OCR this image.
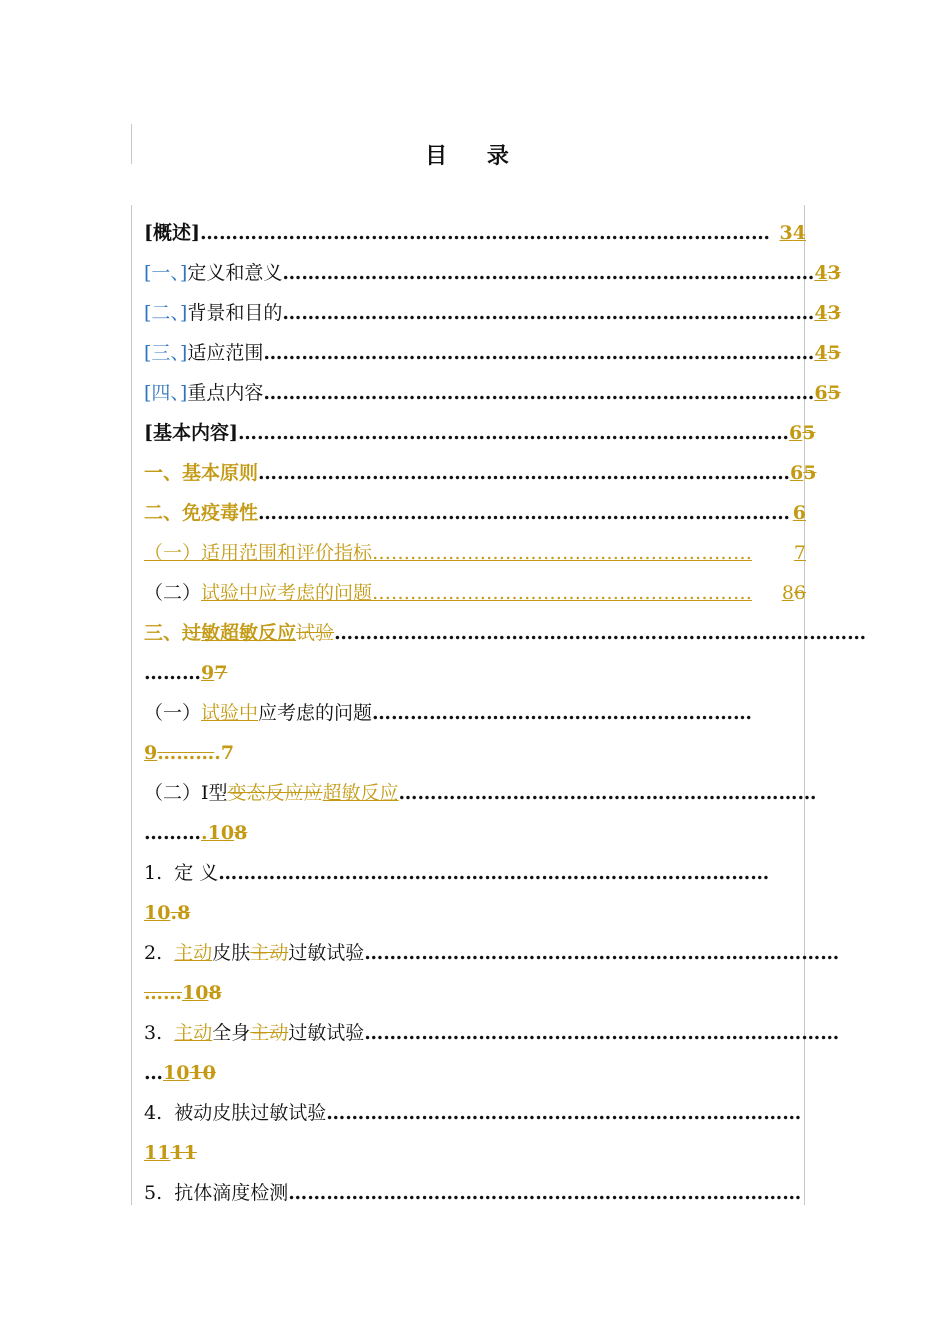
目 录
[概述] ……………………………………………………………………………… 34
[一、]定义和意义 ………………………………………………………………………… 43
[二、]背景和目的 ………………………………………………………………………… 43
[三、]适应范围 …………………………………………………………………………… 45
[四、]重点内容 …………………………………………………………………………… 65
[基本内容] …………………………………………………………………………… 65
一、基本原则 ………………………………………………………………………… 65
二、免疫毒性 ………………………………………………………………………… 6
（一）适用范围和评价指标 ……………………………………………………	7
（二）试验中应考虑的问题 ……………………………………………………	86
三、过敏超敏反应试验 …………………………………………………………………………
………97
（一）试验中应考虑的问题 ……………………………………………………
9……….7
（二）Ⅰ型变态反应应超敏反应 …………………………………………………………
……….108
1. 定 义 ……………………………………………………………………………
10.8
2. 主动皮肤主动过敏试验 …………………………………………………………………
……108
3. 主动全身主动过敏试验 …………………………………………………………………
…1010
4. 被动皮肤过敏试验 …………………………………………………………………
1111
5. 抗体滴度检测 ………………………………………………………………………
